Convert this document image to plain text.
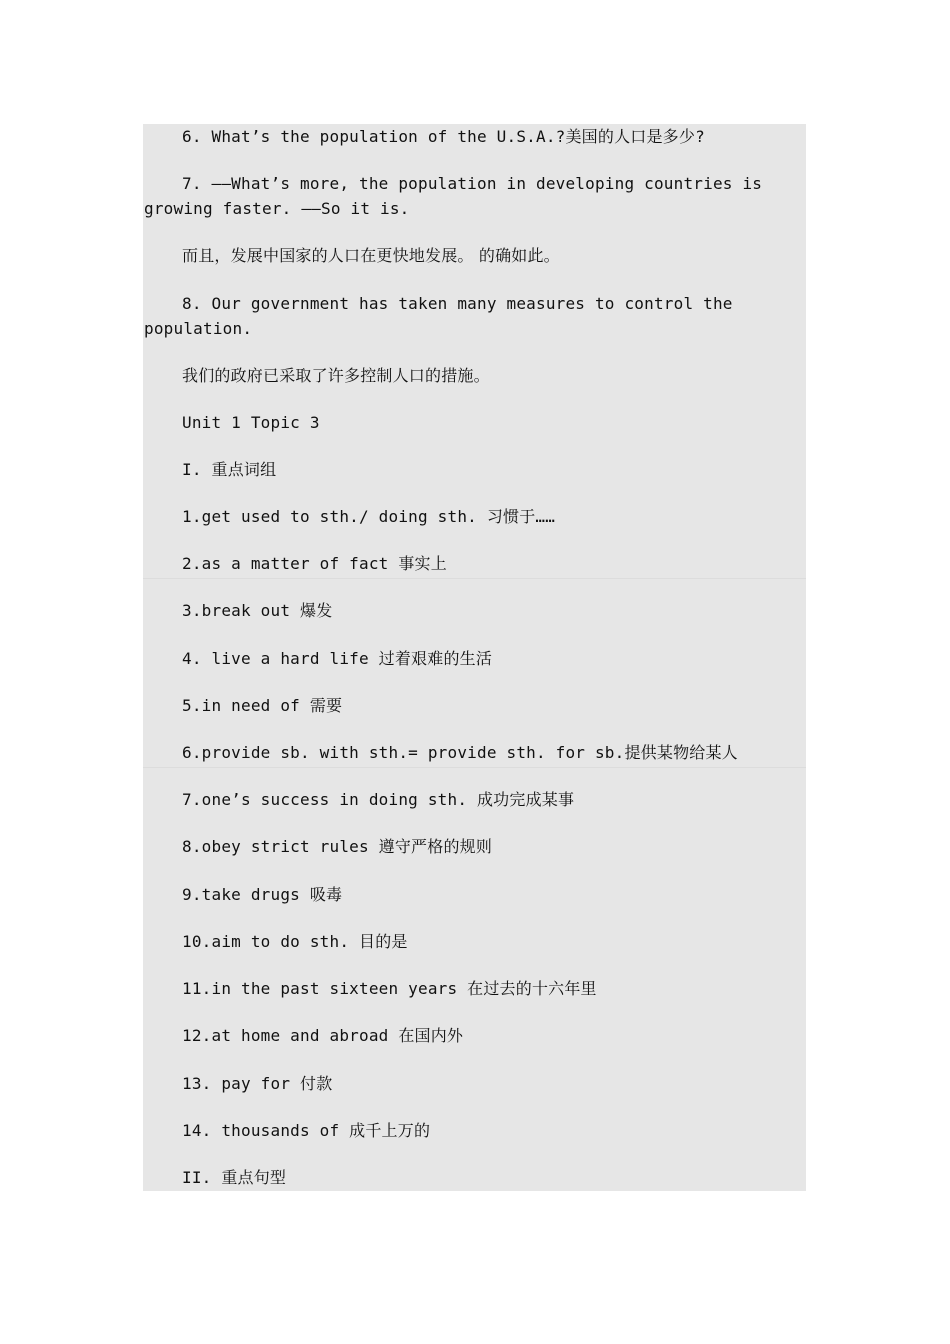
6. What’s the population of the U.S.A.?美国的人口是多少?
7. ——What’s more, the population in developing countries is
growing faster. ——So it is.
而且，发展中国家的人口在更快地发展。 的确如此。
8. Our government has taken many measures to control the
population.
我们的政府已采取了许多控制人口的措施。
Unit 1 Topic 3
I. 重点词组
1.get used to sth./ doing sth. 习惯于……
2.as a matter of fact 事实上
3.break out 爆发
4. live a hard life 过着艰难的生活
5.in need of 需要
6.provide sb. with sth.= provide sth. for sb.提供某物给某人
7.one’s success in doing sth. 成功完成某事
8.obey strict rules 遵守严格的规则
9.take drugs 吸毒
10.aim to do sth. 目的是
11.in the past sixteen years 在过去的十六年里
12.at home and abroad 在国内外
13. pay for 付款
14. thousands of 成千上万的
II. 重点句型
